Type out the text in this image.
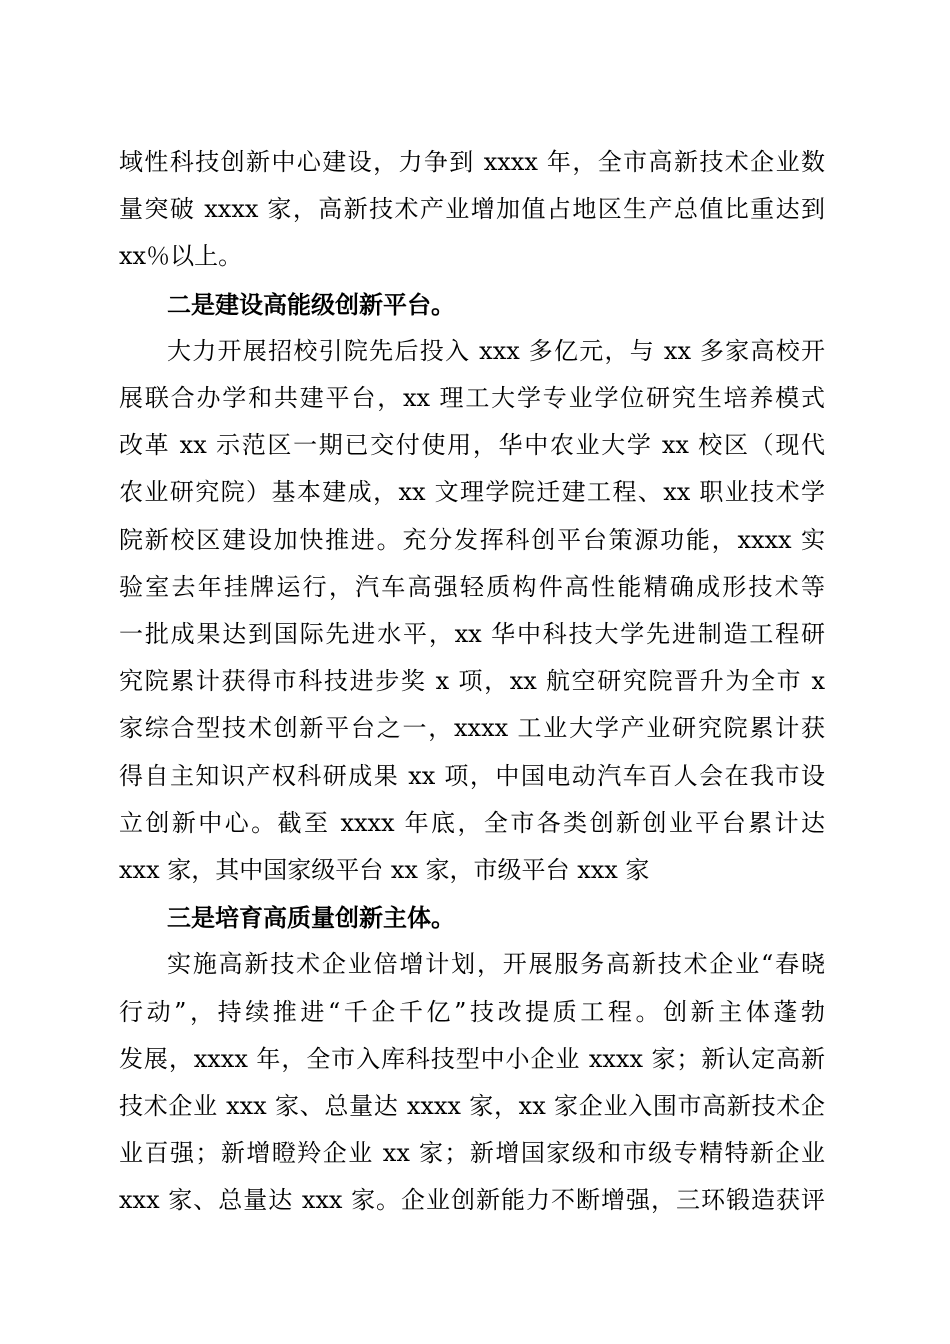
域性科技创新中心建设，力争到 xxxx 年，全市高新技术企业数
量突破 xxxx 家，高新技术产业增加值占地区生产总值比重达到
xx％以上。

二是建设高能级创新平台。

大力开展招校引院先后投入 xxx 多亿元，与 xx 多家高校开
展联合办学和共建平台，xx 理工大学专业学位研究生培养模式
改革 xx 示范区一期已交付使用，华中农业大学 xx 校区（现代
农业研究院）基本建成，xx 文理学院迁建工程、xx 职业技术学
院新校区建设加快推进。充分发挥科创平台策源功能，xxxx 实
验室去年挂牌运行，汽车高强轻质构件高性能精确成形技术等
一批成果达到国际先进水平，xx 华中科技大学先进制造工程研
究院累计获得市科技进步奖 x 项，xx 航空研究院晋升为全市 x
家综合型技术创新平台之一，xxxx 工业大学产业研究院累计获
得自主知识产权科研成果 xx 项，中国电动汽车百人会在我市设
立创新中心。截至 xxxx 年底，全市各类创新创业平台累计达
xxx 家，其中国家级平台 xx 家，市级平台 xxx 家

三是培育高质量创新主体。

实施高新技术企业倍增计划，开展服务高新技术企业“春晓
行动”，持续推进“千企千亿”技改提质工程。创新主体蓬勃
发展，xxxx 年，全市入库科技型中小企业 xxxx 家；新认定高新
技术企业 xxx 家、总量达 xxxx 家，xx 家企业入围市高新技术企
业百强；新增瞪羚企业 xx 家；新增国家级和市级专精特新企业
xxx 家、总量达 xxx 家。企业创新能力不断增强，三环锻造获评
